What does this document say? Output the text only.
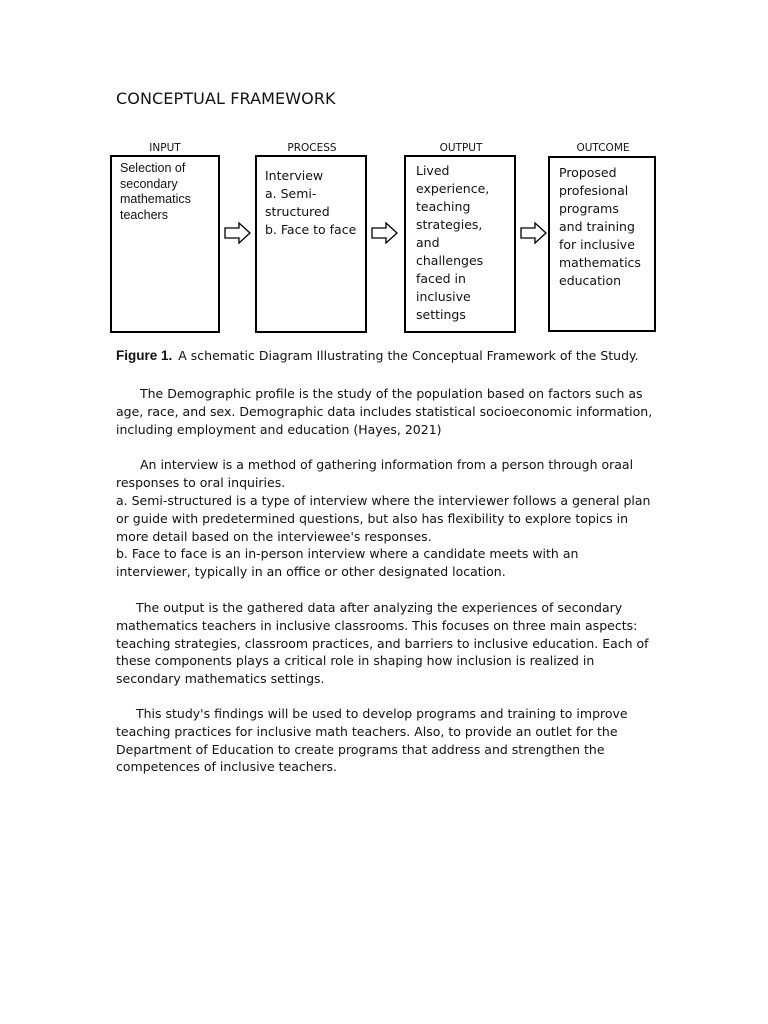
CONCEPTUAL FRAMEWORK
INPUT	PROCESS	OUTPUT	OUTCOME
Selection of
secondary
mathematics
teachers
Interview
a. Semi-
structured
b. Face to face
Lived
experience,
teaching
strategies,
and
challenges
faced in
inclusive
settings
Proposed
profesional
programs
and training
for inclusive
mathematics
education
Figure 1. A schematic Diagram Illustrating the Conceptual Framework of the Study.

The Demographic profile is the study of the population based on factors such as age, race, and sex. Demographic data includes statistical socioeconomic information, including employment and education (Hayes, 2021)

An interview is a method of gathering information from a person through oraal responses to oral inquiries.

a. Semi-structured is a type of interview where the interviewer follows a general plan or guide with predetermined questions, but also has flexibility to explore topics in more detail based on the interviewee's responses.

b. Face to face is an in-person interview where a candidate meets with an interviewer, typically in an office or other designated location.

The output is the gathered data after analyzing the experiences of secondary mathematics teachers in inclusive classrooms. This focuses on three main aspects: teaching strategies, classroom practices, and barriers to inclusive education. Each of these components plays a critical role in shaping how inclusion is realized in secondary mathematics settings.

This study's findings will be used to develop programs and training to improve teaching practices for inclusive math teachers. Also, to provide an outlet for the Department of Education to create programs that address and strengthen the competences of inclusive teachers.
